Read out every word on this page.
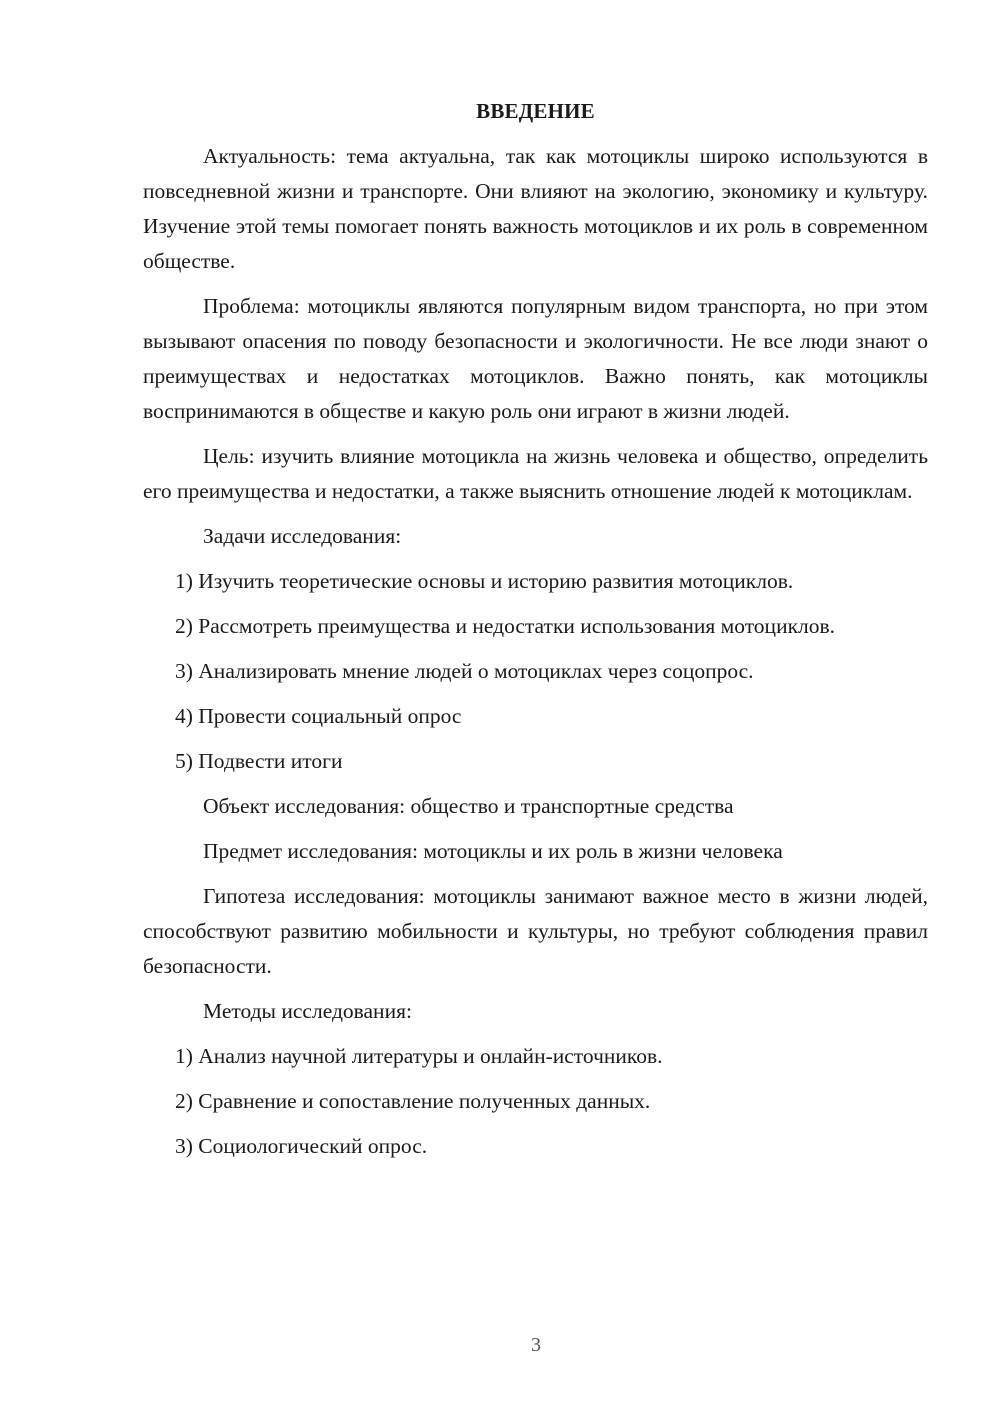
ВВЕДЕНИЕ
Актуальность: тема актуальна, так как мотоциклы широко используются в повседневной жизни и транспорте. Они влияют на экологию, экономику и культуру. Изучение этой темы помогает понять важность мотоциклов и их роль в современном обществе.
Проблема: мотоциклы являются популярным видом транспорта, но при этом вызывают опасения по поводу безопасности и экологичности. Не все люди знают о преимуществах и недостатках мотоциклов. Важно понять, как мотоциклы воспринимаются в обществе и какую роль они играют в жизни людей.
Цель: изучить влияние мотоцикла на жизнь человека и общество, определить его преимущества и недостатки, а также выяснить отношение людей к мотоциклам.
Задачи исследования:
1) Изучить теоретические основы и историю развития мотоциклов.
2) Рассмотреть преимущества и недостатки использования мотоциклов.
3) Анализировать мнение людей о мотоциклах через соцопрос.
4) Провести социальный опрос
5) Подвести итоги
Объект исследования: общество и транспортные средства
Предмет исследования: мотоциклы и их роль в жизни человека
Гипотеза исследования: мотоциклы занимают важное место в жизни людей, способствуют развитию мобильности и культуры, но требуют соблюдения правил безопасности.
Методы исследования:
1) Анализ научной литературы и онлайн-источников.
2) Сравнение и сопоставление полученных данных.
3) Социологический опрос.
3
